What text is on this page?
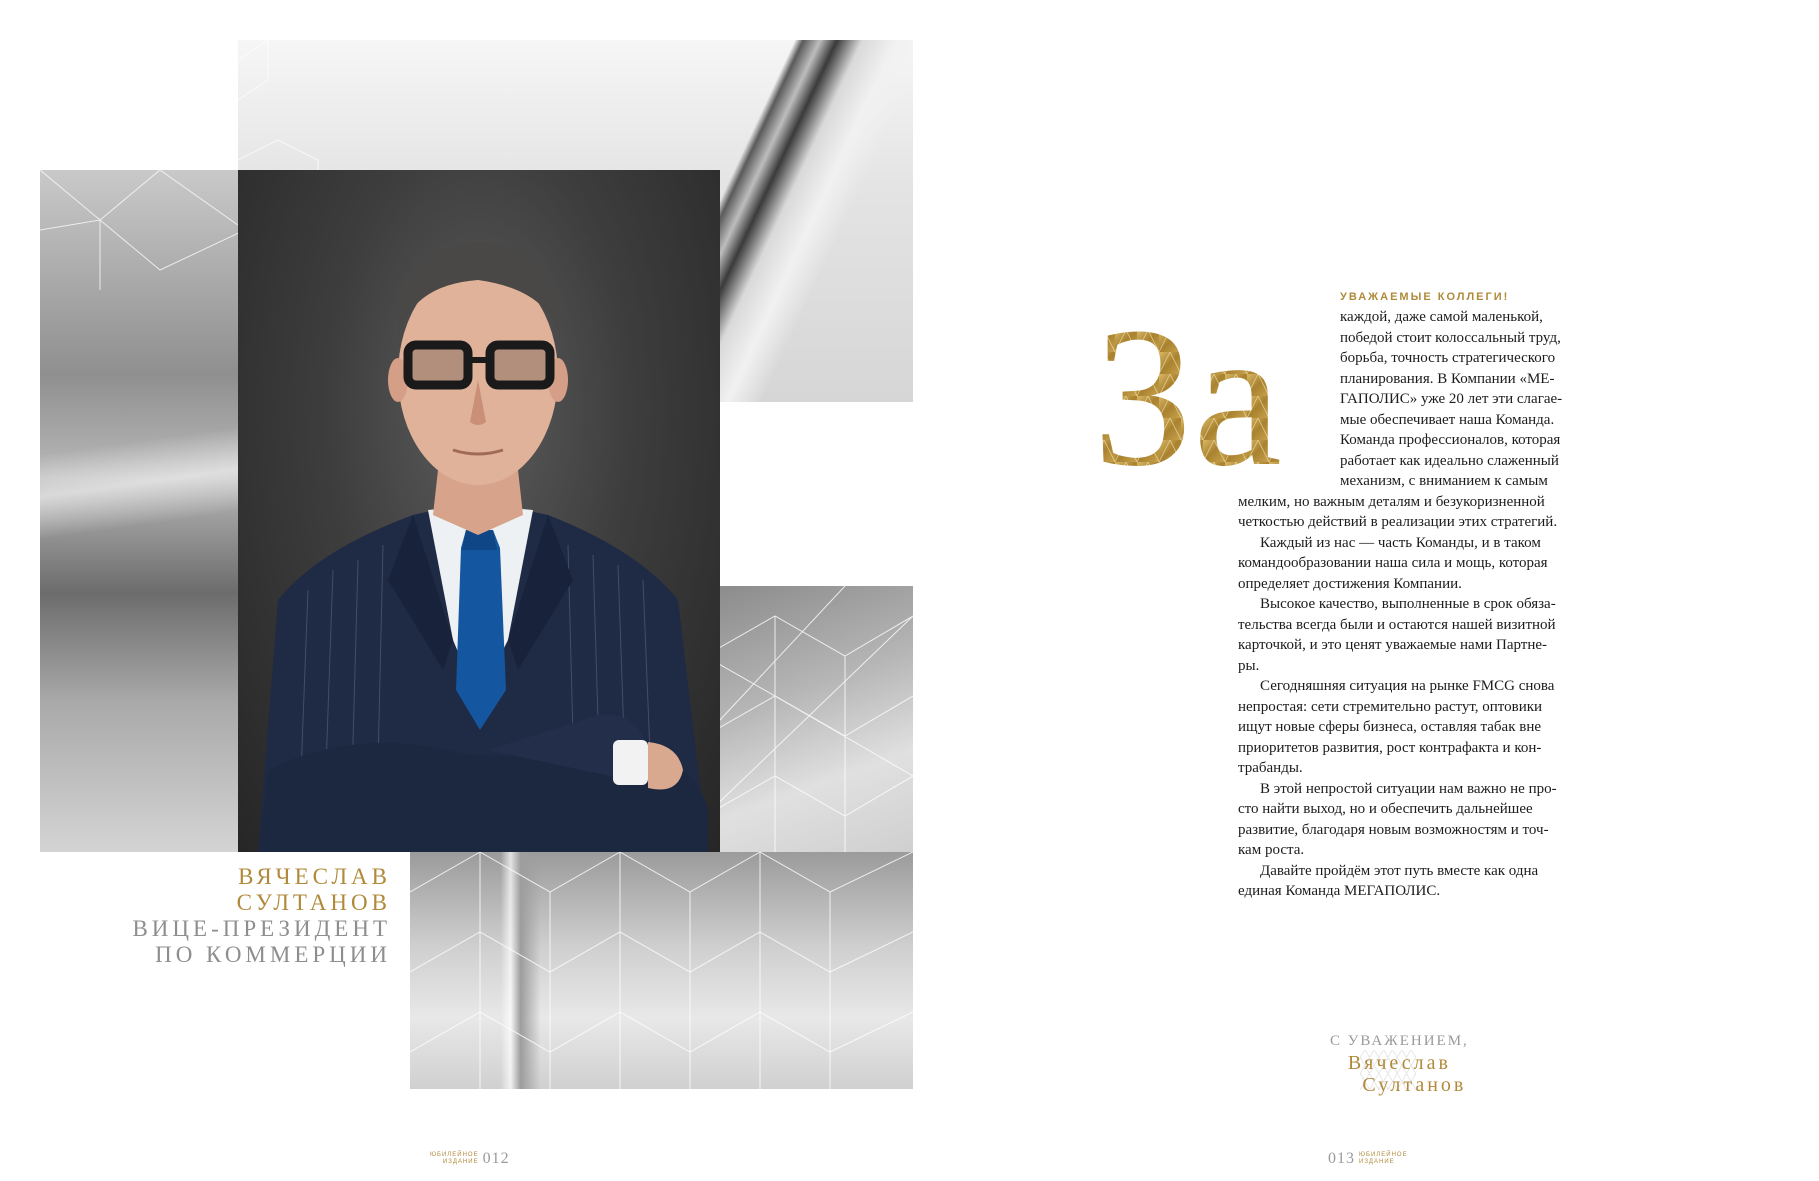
ВЯЧЕСЛАВ
СУЛТАНОВ
ВИЦЕ-ПРЕЗИДЕНТ
ПО КОММЕРЦИИ
ЮБИЛЕЙНОЕ
ИЗДАНИЕ 012
УВАЖАЕМЫЕ КОЛЛЕГИ!
За	каждой, даже самой маленькой,
победой стоит колоссальный труд,
борьба, точность стратегического
планирования. В Компании «МЕ-
ГАПОЛИС» уже 20 лет эти слагае-
мые обеспечивает наша Команда.
Команда профессионалов, которая
работает как идеально слаженный
механизм, с вниманием к самым
мелким, но важным деталям и безукоризненной
четкостью действий в реализации этих стратегий.
Каждый из нас — часть Команды, и в таком
командообразовании наша сила и мощь, которая
определяет достижения Компании.
Высокое качество, выполненные в срок обяза-
тельства всегда были и остаются нашей визитной
карточкой, и это ценят уважаемые нами Партне-
ры.
Сегодняшняя ситуация на рынке FMCG снова
непростая: сети стремительно растут, оптовики
ищут новые сферы бизнеса, оставляя табак вне
приоритетов развития, рост контрафакта и кон-
трабанды.
В этой непростой ситуации нам важно не про-
сто найти выход, но и обеспечить дальнейшее
развитие, благодаря новым возможностям и точ-
кам роста.
Давайте пройдём этот путь вместе как одна
единая Команда МЕГАПОЛИС.
С УВАЖЕНИЕМ,
Вячеслав
Султанов
013 ЮБИЛЕЙНОЕ
ИЗДАНИЕ
